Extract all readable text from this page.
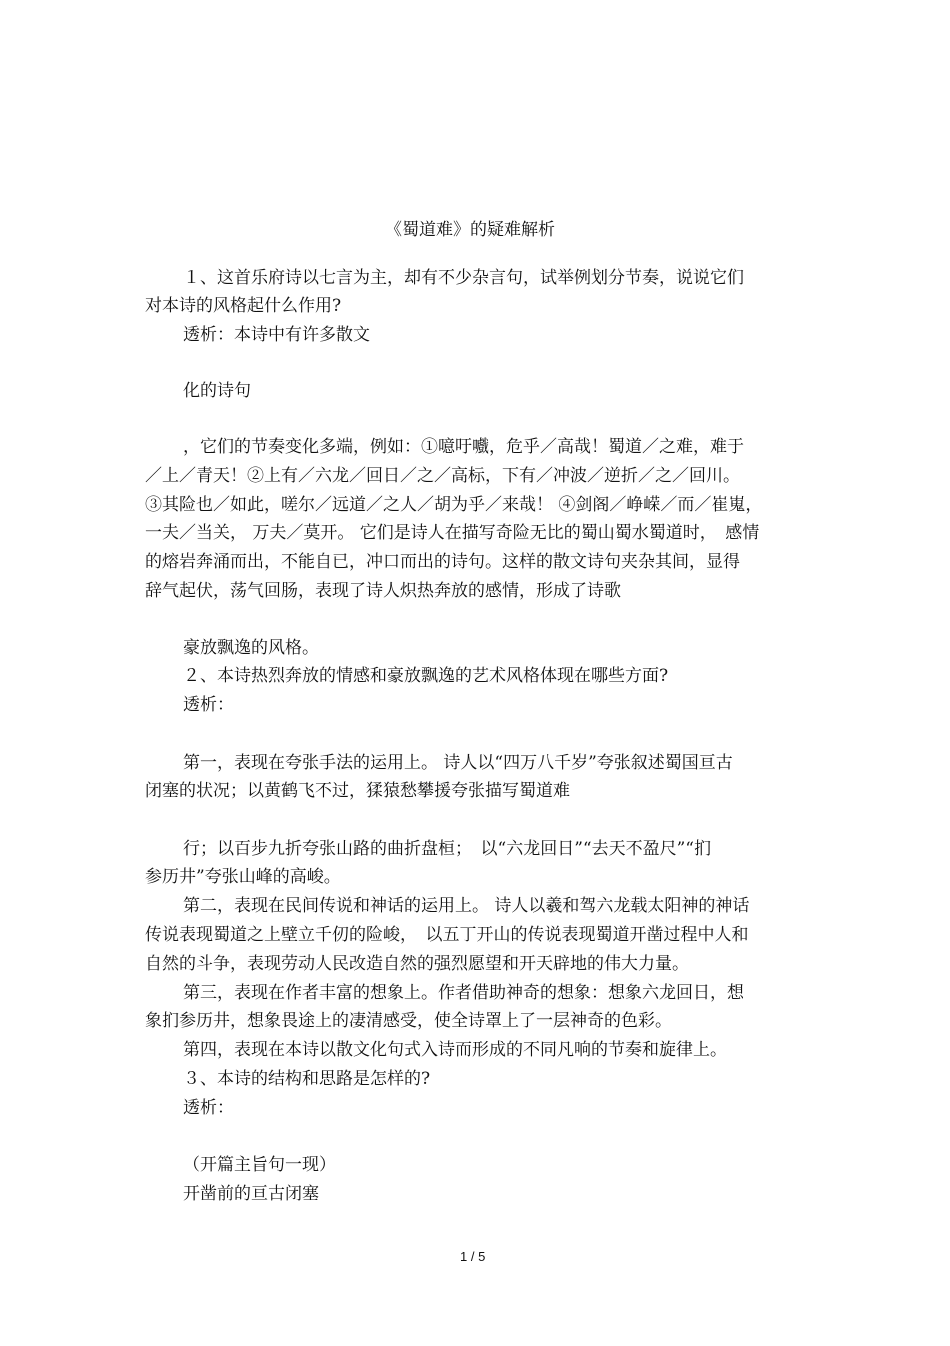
《蜀道难》的疑难解析
１、这首乐府诗以七言为主，却有不少杂言句，试举例划分节奏，说说它们
对本诗的风格起什么作用?
透析：本诗中有许多散文
化的诗句
，它们的节奏变化多端，例如：①噫吁嚱，危乎／高哉！蜀道／之难，难于
／上／青天！②上有／六龙／回日／之／高标，下有／冲波／逆折／之／回川。
③其险也／如此，嗟尔／远道／之人／胡为乎／来哉！ ④剑阁／峥嵘／而／崔嵬，
一夫／当关， 万夫／莫开。 它们是诗人在描写奇险无比的蜀山蜀水蜀道时，　感情
的熔岩奔涌而出，不能自已，冲口而出的诗句。这样的散文诗句夹杂其间，显得
辞气起伏，荡气回肠，表现了诗人炽热奔放的感情，形成了诗歌
豪放飘逸的风格。
２、本诗热烈奔放的情感和豪放飘逸的艺术风格体现在哪些方面?
透析：
第一，表现在夸张手法的运用上。 诗人以“四万八千岁”夸张叙述蜀国亘古
闭塞的状况；以黄鹤飞不过，猱猿愁攀援夸张描写蜀道难
行；以百步九折夸张山路的曲折盘桓；　以“六龙回日”“去天不盈尺”“扪
参历井”夸张山峰的高峻。
第二，表现在民间传说和神话的运用上。 诗人以羲和驾六龙载太阳神的神话
传说表现蜀道之上壁立千仞的险峻，　以五丁开山的传说表现蜀道开凿过程中人和
自然的斗争，表现劳动人民改造自然的强烈愿望和开天辟地的伟大力量。
第三，表现在作者丰富的想象上。作者借助神奇的想象：想象六龙回日，想
象扪参历井，想象畏途上的凄清感受，使全诗罩上了一层神奇的色彩。
第四，表现在本诗以散文化句式入诗而形成的不同凡响的节奏和旋律上。
３、本诗的结构和思路是怎样的?
透析：
（开篇主旨句一现）
开凿前的亘古闭塞
1 / 5
